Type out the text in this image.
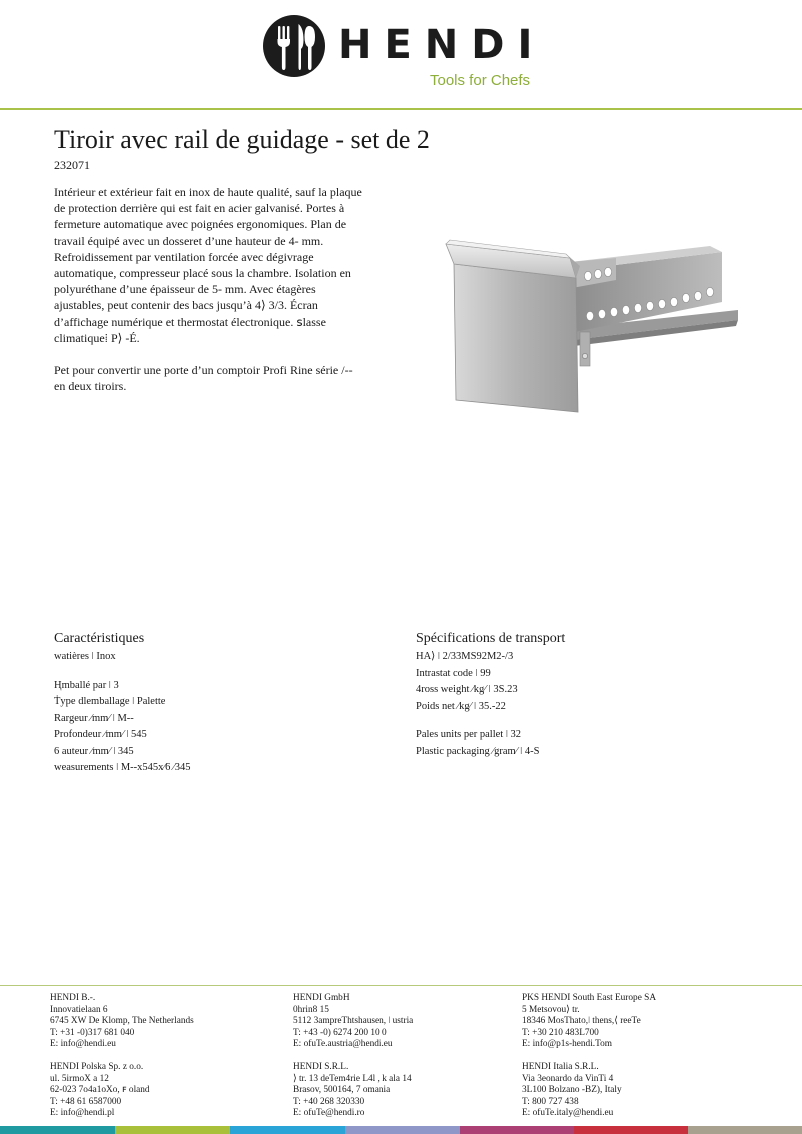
HENDI
Tools for Chefs
Tiroir avec rail de guidage - set de 2
232071

Intérieur et extérieur fait en inox de haute qualité, sauf la plaque de protection derrière qui est fait en acier galvanisé. Portes à fermeture automatique avec poignées ergonomiques. Plan de travail équipé avec un dosseret d’une hauteur de 4- mm. Refroidissement par ventilation forcée avec dégivrage automatique, compresseur placé sous la chambre. Isolation en polyuréthane d’une épaisseur de 5- mm. Avec étagères ajustables, peut contenir des bacs jusqu’à 4⟩ 3/3. Écran d’affichage numérique et thermostat électronique. ꜱlasse climatique⁞ P⟩ -É.

Pet pour convertir une porte d’un comptoir Profi Rine série /-- en deux tiroirs.

Caractéristiques
watières ǀ Inox
Ⱨmballé par ǀ 3
Ṫype dlemballage ǀ Palette
Rargeur ⁄mm⁄ ǀ M--
Profondeur ⁄mm⁄ ǀ 545
6 auteur ⁄mm⁄ ǀ 345
weasurements ǀ M--x545x⁄6 ⁄345
Spécifications de transport
HA⟩ ǀ 2/33MS92M2-/3
Intrastat code ǀ 99
4ross weight ⁄kg⁄ ǀ 3S.23
Poids net ⁄kg⁄ ǀ 35.-22
Pales units per pallet ǀ 32
Plastic packaging ⁄gram⁄ ǀ 4-S
HENDI B.-.
Innovatielaan 6
6745 XW De Klomp, The Netherlands
T: +31 -0)317 681 040
E: info@hendi.eu
HENDI Polska Sp. z o.o.
ul. 5irmoX a 12
62-023 7o4a1oXo, ꜰ oland
T: +48 61 6587000
E: info@hendi.pl
HENDI GmbH
0hrin8 15
5112 3ampreThtshausen, ǀ ustria
T: +43 -0) 6274 200 10 0
E: ofuTe.austria@hendi.eu
HENDI S.R.L.
⟩ tr. 13 deTem4rie L4l , k ala 14
Brasov, 500164, 7 omania
T: +40 268 320330
E: ofuTe@hendi.ro
PKS HENDI South East Europe SA
5 Metsovou⟩ tr.
18346 MosThato,ǀ thens,⟨ reeTe
T: +30 210 483L700
E: info@p1s-hendi.Tom
HENDI Italia S.R.L.
Via 3eonardo da VinTi 4
3L100 Bolzano -BZ), Italy
T: 800 727 438
E: ofuTe.italy@hendi.eu
